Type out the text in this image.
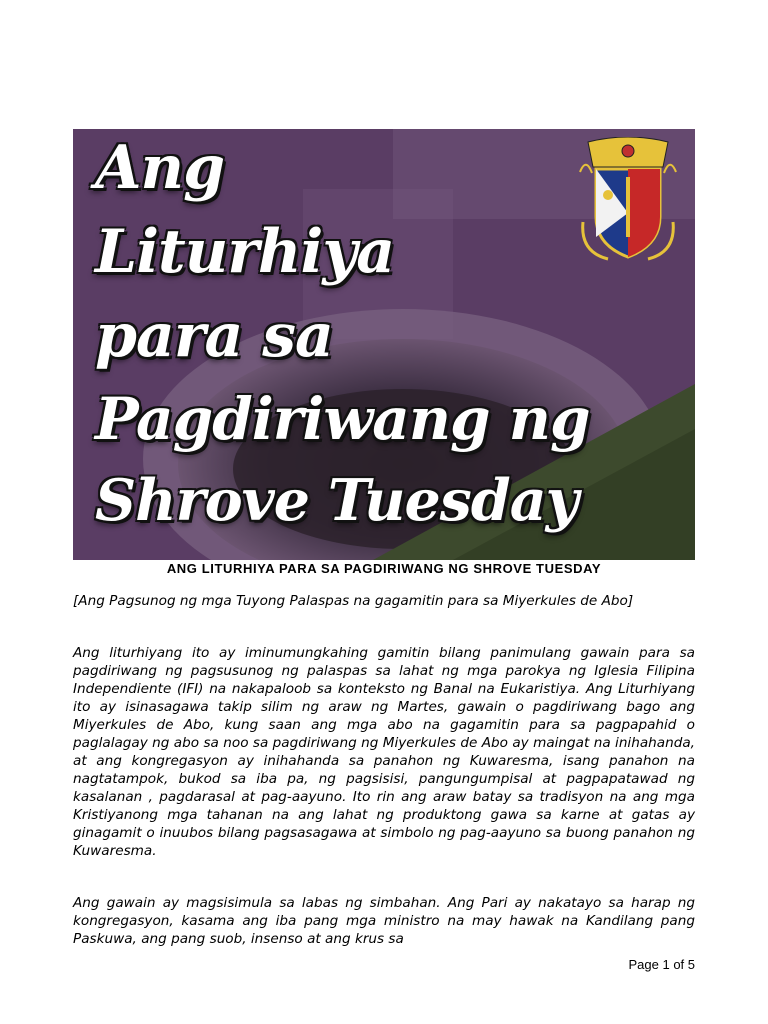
Ang
Liturhiya
para sa
Pagdiriwang ng
Shrove Tuesday
ANG LITURHIYA PARA SA PAGDIRIWANG NG SHROVE TUESDAY

[Ang Pagsunog ng mga Tuyong Palaspas na gagamitin para sa Miyerkules de Abo]

Ang liturhiyang ito ay iminumungkahing gamitin bilang panimulang gawain para sa pagdiriwang ng pagsusunog ng palaspas sa lahat ng mga parokya ng Iglesia Filipina Independiente (IFI) na nakapaloob sa konteksto ng Banal na Eukaristiya. Ang Liturhiyang ito ay isinasagawa takip silim ng araw ng Martes, gawain o pagdiriwang bago ang Miyerkules de Abo, kung saan ang mga abo na gagamitin para sa pagpapahid o paglalagay ng abo sa noo sa pagdiriwang ng Miyerkules de Abo ay maingat na inihahanda, at ang kongregasyon ay inihahanda sa panahon ng Kuwaresma, isang panahon na nagtatampok, bukod sa iba pa, ng pagsisisi, pangungumpisal at pagpapatawad ng kasalanan , pagdarasal at pag-aayuno. Ito rin ang araw batay sa tradisyon na ang mga Kristiyanong mga tahanan na ang lahat ng produktong gawa sa karne at gatas ay ginagamit o inuubos bilang pagsasagawa at simbolo ng pag-aayuno sa buong panahon ng Kuwaresma.

Ang gawain ay magsisimula sa labas ng simbahan. Ang Pari ay nakatayo sa harap ng kongregasyon, kasama ang iba pang mga ministro na may hawak na Kandilang pang Paskuwa, ang pang suob, insenso at ang krus sa

Page 1 of 5
